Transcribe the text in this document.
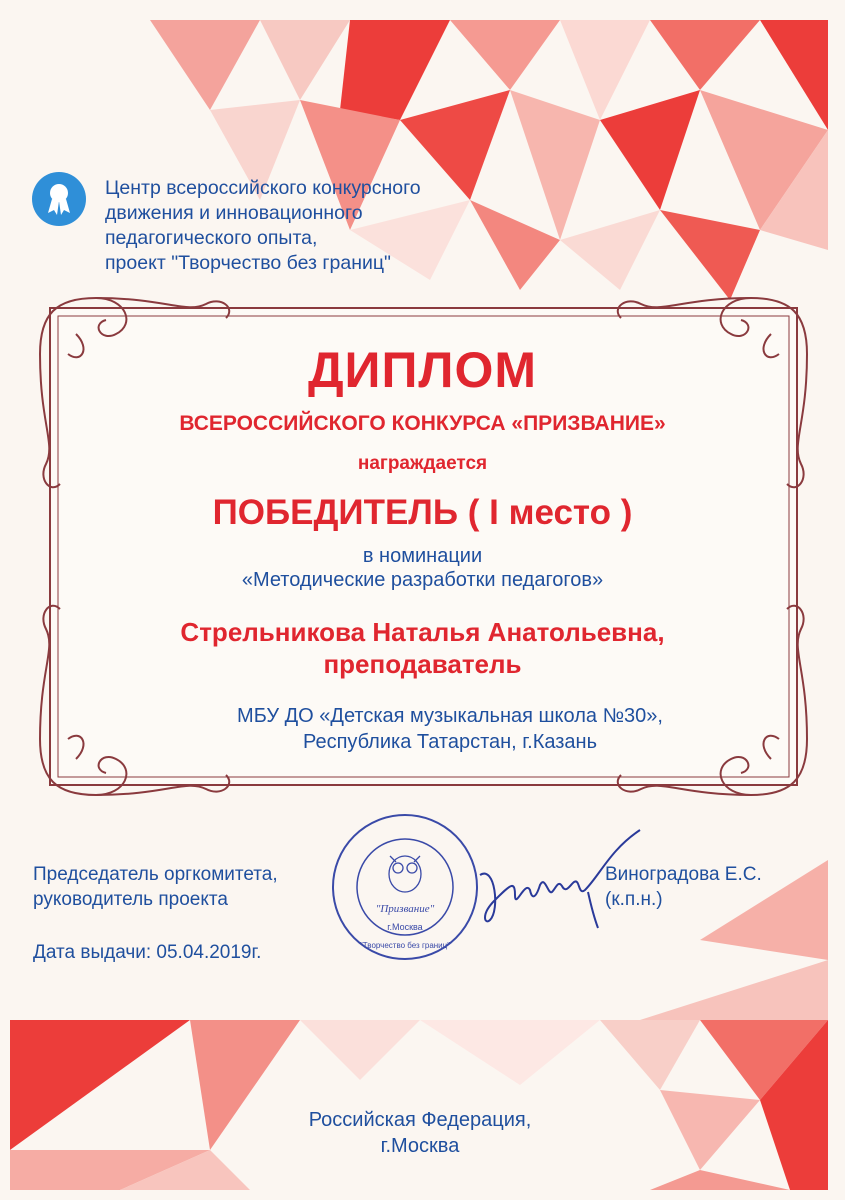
Центр всероссийского конкурсного
движения и инновационного
педагогического опыта,
проект "Творчество без границ"

ДИПЛОМ

ВСЕРОССИЙСКОГО КОНКУРСА «ПРИЗВАНИЕ»

награждается

ПОБЕДИТЕЛЬ ( I место )

в номинации

«Методические разработки педагогов»

Стрельникова Наталья Анатольевна,

преподаватель

МБУ ДО «Детская музыкальная школа №30»,

Республика Татарстан, г.Казань

Председатель оргкомитета,
руководитель проекта
Дата выдачи: 05.04.2019г.
Виноградова Е.С.
(к.п.н.)
"Призвание"
г.Москва
"Творчество без границ"
Российская Федерация,
г.Москва
